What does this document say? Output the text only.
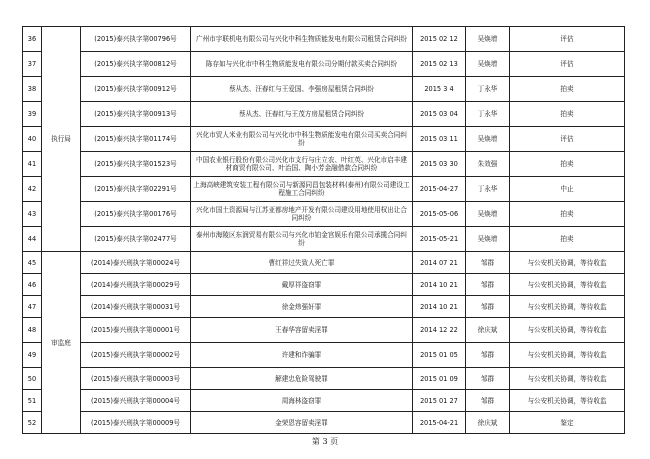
36	执行局	(2015)泰兴执字第00796号	广州市宇联机电有限公司与兴化中科生物质能发电有限公司租赁合同纠纷	2015 02 12	吴焕增	评估
37		(2015)泰兴执字第00812号	陈存如与兴化市中科生物质能发电有限公司分期付款买卖合同纠纷	2015 02 13	吴焕增	评估
38		(2015)泰兴执字第00912号	蔡从杰、汪春红与王爱国、李强房屋租赁合同纠纷	2015 3 4	丁永华	拍卖
39		(2015)泰兴执字第00913号	蔡从杰、汪春红与王茂方房屋租赁合同纠纷	2015 03 04	丁永华	拍卖
40		(2015)泰兴执字第01174号	兴化市贸人米业有限公司与兴化市中科生物质能发电有限公司买卖合同纠纷	2015 03 11	吴焕增	评估
41		(2015)泰兴执字第01523号	中国农业银行股份有限公司兴化市支行与庄立农、叶红英、兴化市启丰建材商贸有限公司、叶治国、陶小芳金融借款合同纠纷	2015 03 30	朱效强	拍卖
42		(2015)泰兴执字第02291号	上海高峡建筑安装工程有限公司与新源同昌包装材料(泰州)有限公司建设工程施工合同纠纷	2015-04-27	丁永华	中止
43		(2015)泰兴执字第00176号	兴化市国土资源局与江苏亚都房地产开发有限公司建设用地使用权出让合同纠纷	2015-05-06	吴焕增	拍卖
44		(2015)泰兴执字第02477号	泰州市海陵区东润贸易有限公司与兴化市铂金宫娱乐有限公司承揽合同纠纷	2015-05-21	吴焕增	拍卖
45	审监庭	(2014)泰兴刑执字第00024号	曹红祥过失致人死亡罪	2014 07 21	邹群	与公安机关协调，等待收监
46		(2014)泰兴刑执字第00029号	戴厚祥盗窃罪	2014 10 21	邹群	与公安机关协调，等待收监
47		(2014)泰兴刑执字第00031号	徐金炜强奸罪	2014 10 21	邹群	与公安机关协调，等待收监
48		(2015)泰兴刑执字第00001号	王春华容留卖淫罪	2014 12 22	徐庆斌	与公安机关协调，等待收监
49		(2015)泰兴刑执字第00002号	许建和诈骗罪	2015 01 05	邹群	与公安机关协调，等待收监
50		(2015)泰兴刑执字第00003号	解建忠危险驾驶罪	2015 01 09	邹群	与公安机关协调，等待收监
51		(2015)泰兴刑执字第00004号	周海林盗窃罪	2015 01 27	邹群	与公安机关协调，等待收监
52		(2015)泰兴刑执字第00009号	金荣恩容留卖淫罪	2015-04-21	徐庆斌	鉴定
第 3 页
